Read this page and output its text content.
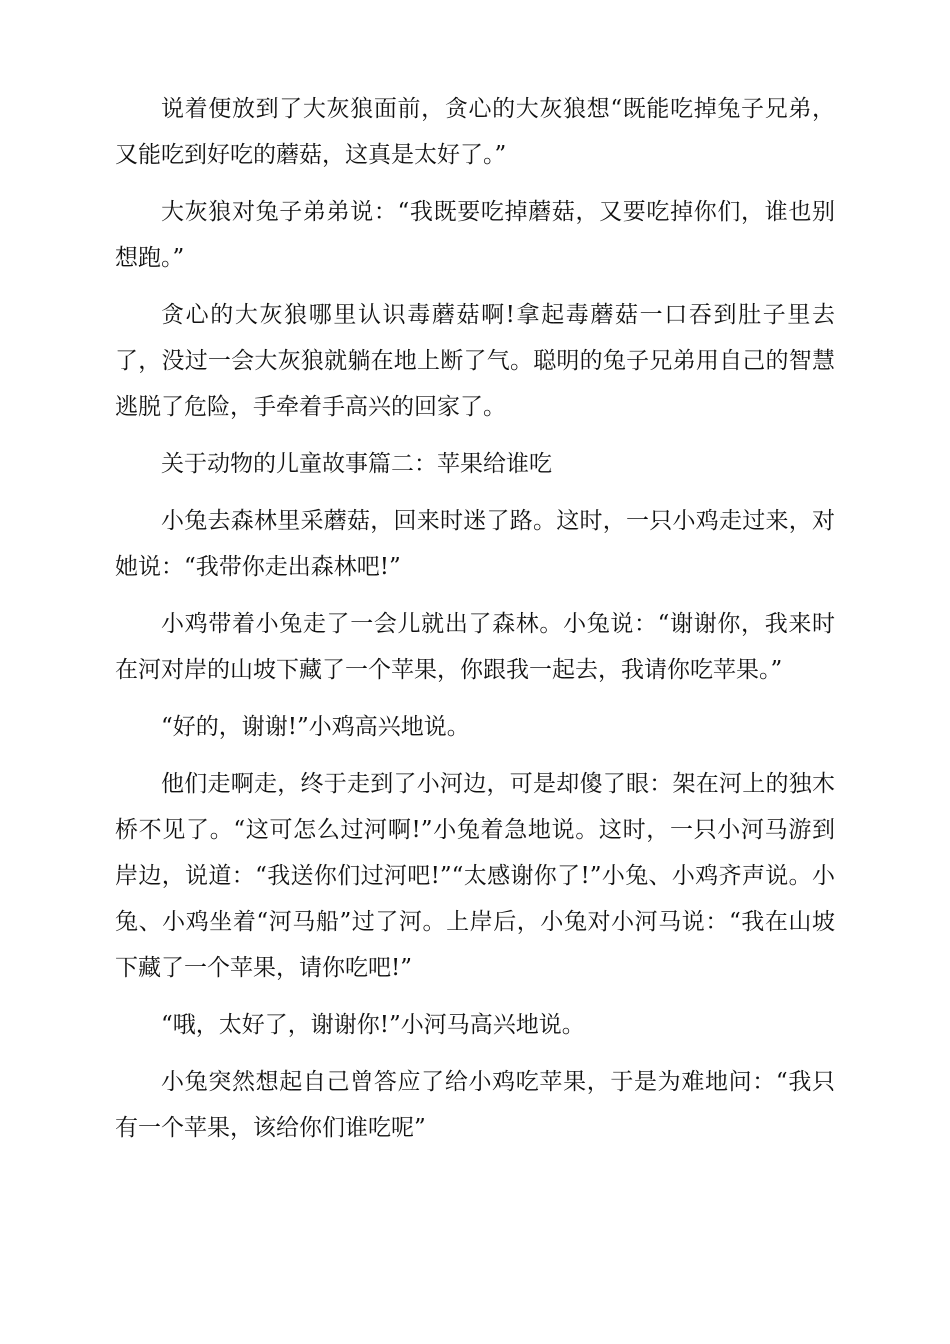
说着便放到了大灰狼面前，贪心的大灰狼想“既能吃掉兔子兄弟，又能吃到好吃的蘑菇，这真是太好了。”

大灰狼对兔子弟弟说：“我既要吃掉蘑菇，又要吃掉你们，谁也别想跑。”

贪心的大灰狼哪里认识毒蘑菇啊!拿起毒蘑菇一口吞到肚子里去了，没过一会大灰狼就躺在地上断了气。聪明的兔子兄弟用自己的智慧逃脱了危险，手牵着手高兴的回家了。

关于动物的儿童故事篇二：苹果给谁吃

小兔去森林里采蘑菇，回来时迷了路。这时，一只小鸡走过来，对她说：“我带你走出森林吧!”

小鸡带着小兔走了一会儿就出了森林。小兔说：“谢谢你，我来时在河对岸的山坡下藏了一个苹果，你跟我一起去，我请你吃苹果。”

“好的，谢谢!”小鸡高兴地说。

他们走啊走，终于走到了小河边，可是却傻了眼：架在河上的独木桥不见了。“这可怎么过河啊!”小兔着急地说。这时，一只小河马游到岸边，说道：“我送你们过河吧!”“太感谢你了!”小兔、小鸡齐声说。小兔、小鸡坐着“河马船”过了河。上岸后，小兔对小河马说：“我在山坡下藏了一个苹果，请你吃吧!”

“哦，太好了，谢谢你!”小河马高兴地说。

小兔突然想起自己曾答应了给小鸡吃苹果，于是为难地问：“我只有一个苹果，该给你们谁吃呢”
